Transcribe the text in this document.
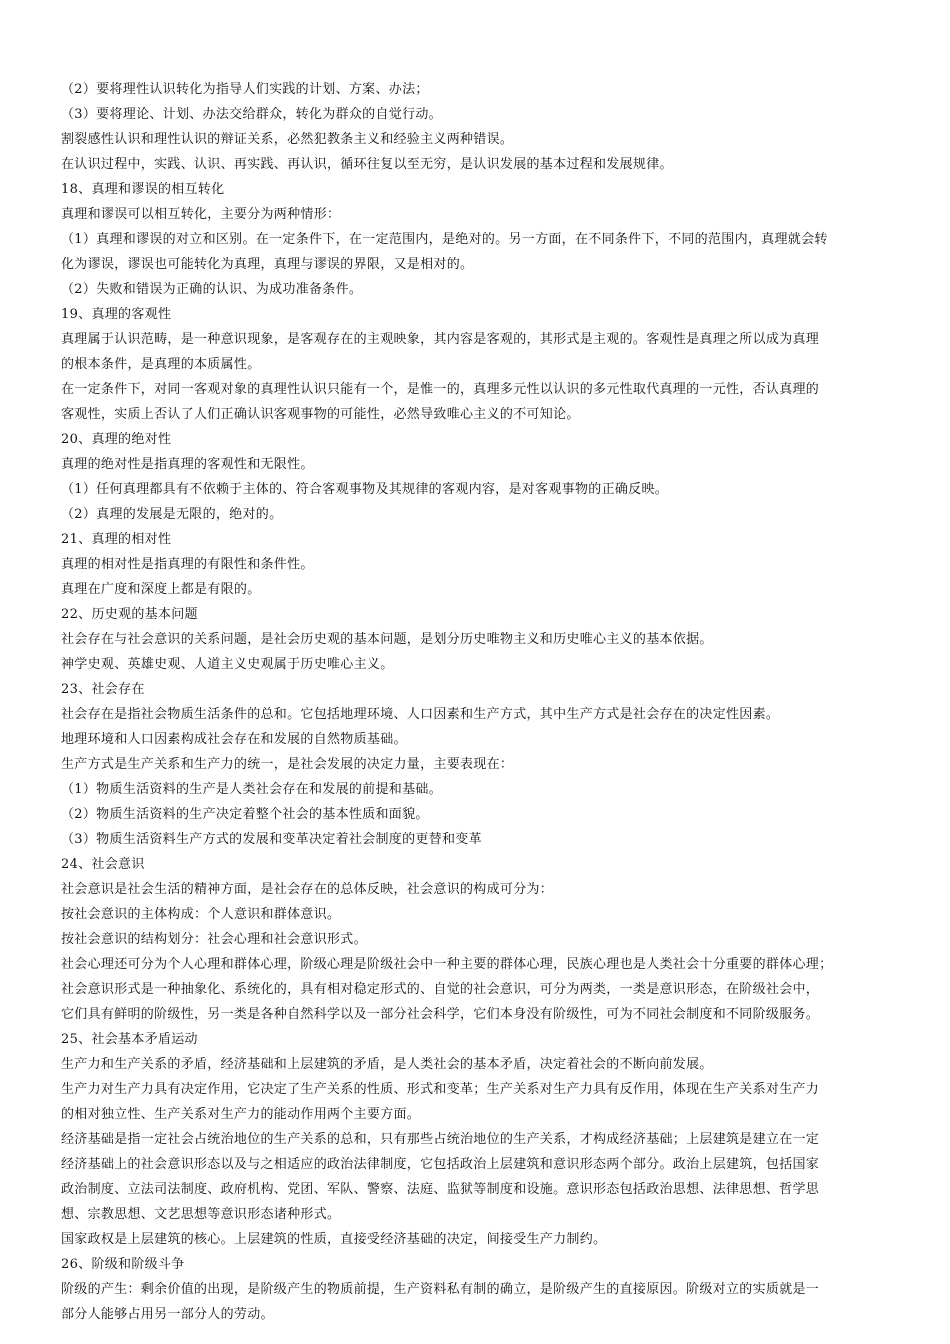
（2）要将理性认识转化为指导人们实践的计划、方案、办法；
（3）要将理论、计划、办法交给群众，转化为群众的自觉行动。
割裂感性认识和理性认识的辩证关系，必然犯教条主义和经验主义两种错误。
在认识过程中，实践、认识、再实践、再认识，循环往复以至无穷，是认识发展的基本过程和发展规律。
18、真理和谬误的相互转化
真理和谬误可以相互转化，主要分为两种情形：
（1）真理和谬误的对立和区别。在一定条件下，在一定范围内，是绝对的。另一方面，在不同条件下，不同的范围内，真理就会转
化为谬误，谬误也可能转化为真理，真理与谬误的界限，又是相对的。
（2）失败和错误为正确的认识、为成功准备条件。
19、真理的客观性
真理属于认识范畴，是一种意识现象，是客观存在的主观映象，其内容是客观的，其形式是主观的。客观性是真理之所以成为真理
的根本条件，是真理的本质属性。
在一定条件下，对同一客观对象的真理性认识只能有一个，是惟一的，真理多元性以认识的多元性取代真理的一元性，否认真理的
客观性，实质上否认了人们正确认识客观事物的可能性，必然导致唯心主义的不可知论。
20、真理的绝对性
真理的绝对性是指真理的客观性和无限性。
（1）任何真理都具有不依赖于主体的、符合客观事物及其规律的客观内容，是对客观事物的正确反映。
（2）真理的发展是无限的，绝对的。
21、真理的相对性
真理的相对性是指真理的有限性和条件性。
真理在广度和深度上都是有限的。
22、历史观的基本问题
社会存在与社会意识的关系问题，是社会历史观的基本问题，是划分历史唯物主义和历史唯心主义的基本依据。
神学史观、英雄史观、人道主义史观属于历史唯心主义。
23、社会存在
社会存在是指社会物质生活条件的总和。它包括地理环境、人口因素和生产方式，其中生产方式是社会存在的决定性因素。
地理环境和人口因素构成社会存在和发展的自然物质基础。
生产方式是生产关系和生产力的统一，是社会发展的决定力量，主要表现在：
（1）物质生活资料的生产是人类社会存在和发展的前提和基础。
（2）物质生活资料的生产决定着整个社会的基本性质和面貌。
（3）物质生活资料生产方式的发展和变革决定着社会制度的更替和变革
24、社会意识
社会意识是社会生活的精神方面，是社会存在的总体反映，社会意识的构成可分为：
按社会意识的主体构成：个人意识和群体意识。
按社会意识的结构划分：社会心理和社会意识形式。
社会心理还可分为个人心理和群体心理，阶级心理是阶级社会中一种主要的群体心理，民族心理也是人类社会十分重要的群体心理；
社会意识形式是一种抽象化、系统化的，具有相对稳定形式的、自觉的社会意识，可分为两类，一类是意识形态，在阶级社会中，
它们具有鲜明的阶级性，另一类是各种自然科学以及一部分社会科学，它们本身没有阶级性，可为不同社会制度和不同阶级服务。
25、社会基本矛盾运动
生产力和生产关系的矛盾，经济基础和上层建筑的矛盾，是人类社会的基本矛盾，决定着社会的不断向前发展。
生产力对生产力具有决定作用，它决定了生产关系的性质、形式和变革；生产关系对生产力具有反作用，体现在生产关系对生产力
的相对独立性、生产关系对生产力的能动作用两个主要方面。
经济基础是指一定社会占统治地位的生产关系的总和，只有那些占统治地位的生产关系，才构成经济基础；上层建筑是建立在一定
经济基础上的社会意识形态以及与之相适应的政治法律制度，它包括政治上层建筑和意识形态两个部分。政治上层建筑，包括国家
政治制度、立法司法制度、政府机构、党团、军队、警察、法庭、监狱等制度和设施。意识形态包括政治思想、法律思想、哲学思
想、宗教思想、文艺思想等意识形态诸种形式。
国家政权是上层建筑的核心。上层建筑的性质，直接受经济基础的决定，间接受生产力制约。
26、阶级和阶级斗争
阶级的产生：剩余价值的出现，是阶级产生的物质前提，生产资料私有制的确立，是阶级产生的直接原因。阶级对立的实质就是一
部分人能够占用另一部分人的劳动。
